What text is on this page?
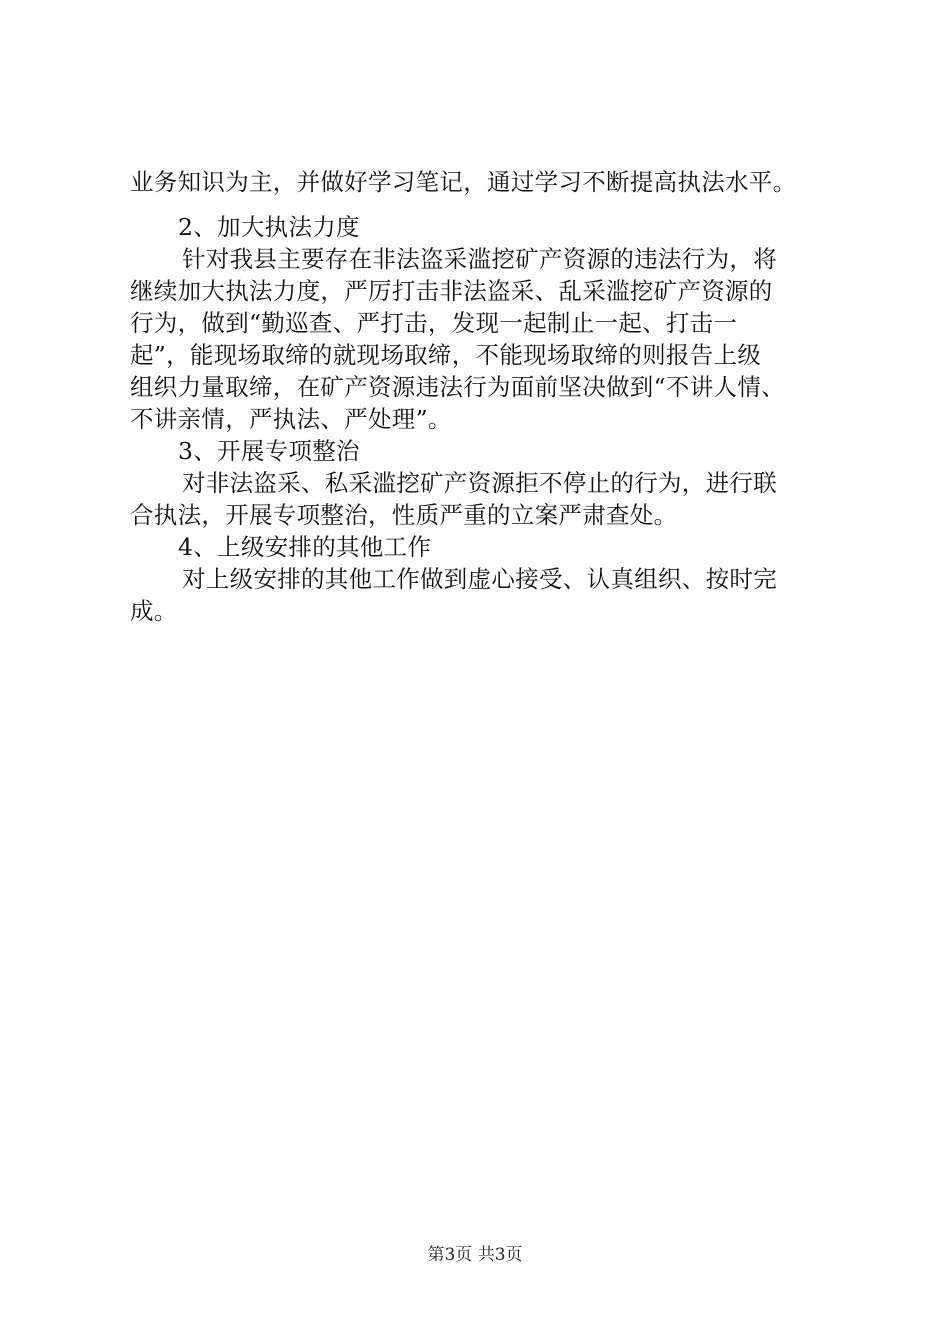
业务知识为主，并做好学习笔记，通过学习不断提高执法水平。
2、加大执法力度
针对我县主要存在非法盗采滥挖矿产资源的违法行为，将
继续加大执法力度，严厉打击非法盗采、乱采滥挖矿产资源的
行为，做到“勤巡查、严打击，发现一起制止一起、打击一
起”，能现场取缔的就现场取缔，不能现场取缔的则报告上级
组织力量取缔，在矿产资源违法行为面前坚决做到“不讲人情、
不讲亲情，严执法、严处理”。
3、开展专项整治
对非法盗采、私采滥挖矿产资源拒不停止的行为，进行联
合执法，开展专项整治，性质严重的立案严肃查处。
4、上级安排的其他工作
对上级安排的其他工作做到虚心接受、认真组织、按时完
成。
第3页 共3页
